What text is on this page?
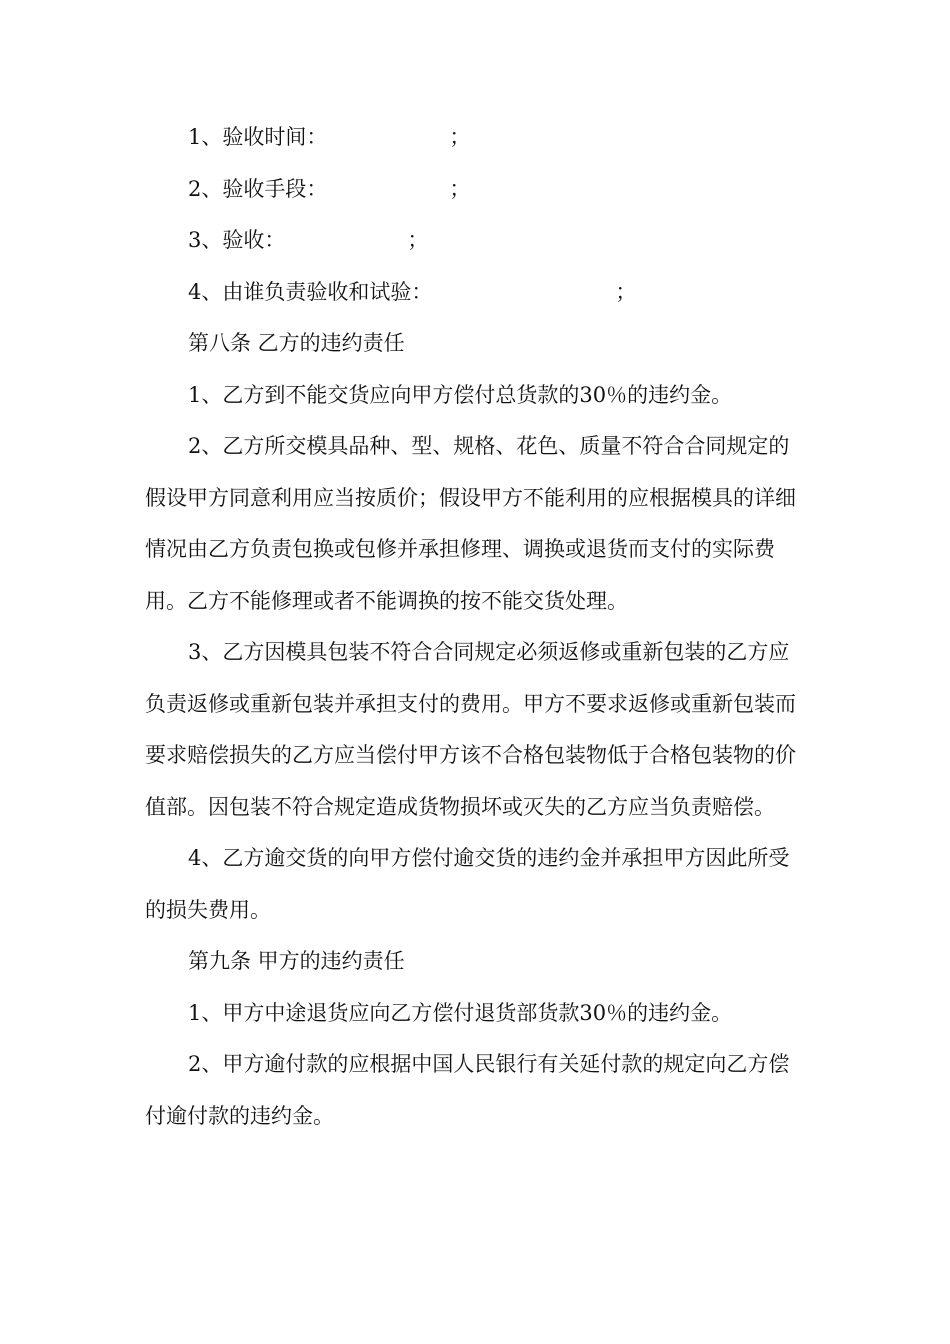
1、验收时间：	；

2、验收手段：	；

3、验收：	；

4、由谁负责验收和试验：	；

第八条 乙方的违约责任

1、乙方到不能交货应向甲方偿付总货款的30％的违约金。

2、乙方所交模具品种、型、规格、花色、质量不符合合同规定的假设甲方同意利用应当按质价；假设甲方不能利用的应根据模具的详细情况由乙方负责包换或包修并承担修理、调换或退货而支付的实际费用。乙方不能修理或者不能调换的按不能交货处理。

3、乙方因模具包装不符合合同规定必须返修或重新包装的乙方应负责返修或重新包装并承担支付的费用。甲方不要求返修或重新包装而要求赔偿损失的乙方应当偿付甲方该不合格包装物低于合格包装物的价值部。因包装不符合规定造成货物损坏或灭失的乙方应当负责赔偿。

4、乙方逾交货的向甲方偿付逾交货的违约金并承担甲方因此所受的损失费用。

第九条 甲方的违约责任

1、甲方中途退货应向乙方偿付退货部货款30％的违约金。

2、甲方逾付款的应根据中国人民银行有关延付款的规定向乙方偿付逾付款的违约金。
